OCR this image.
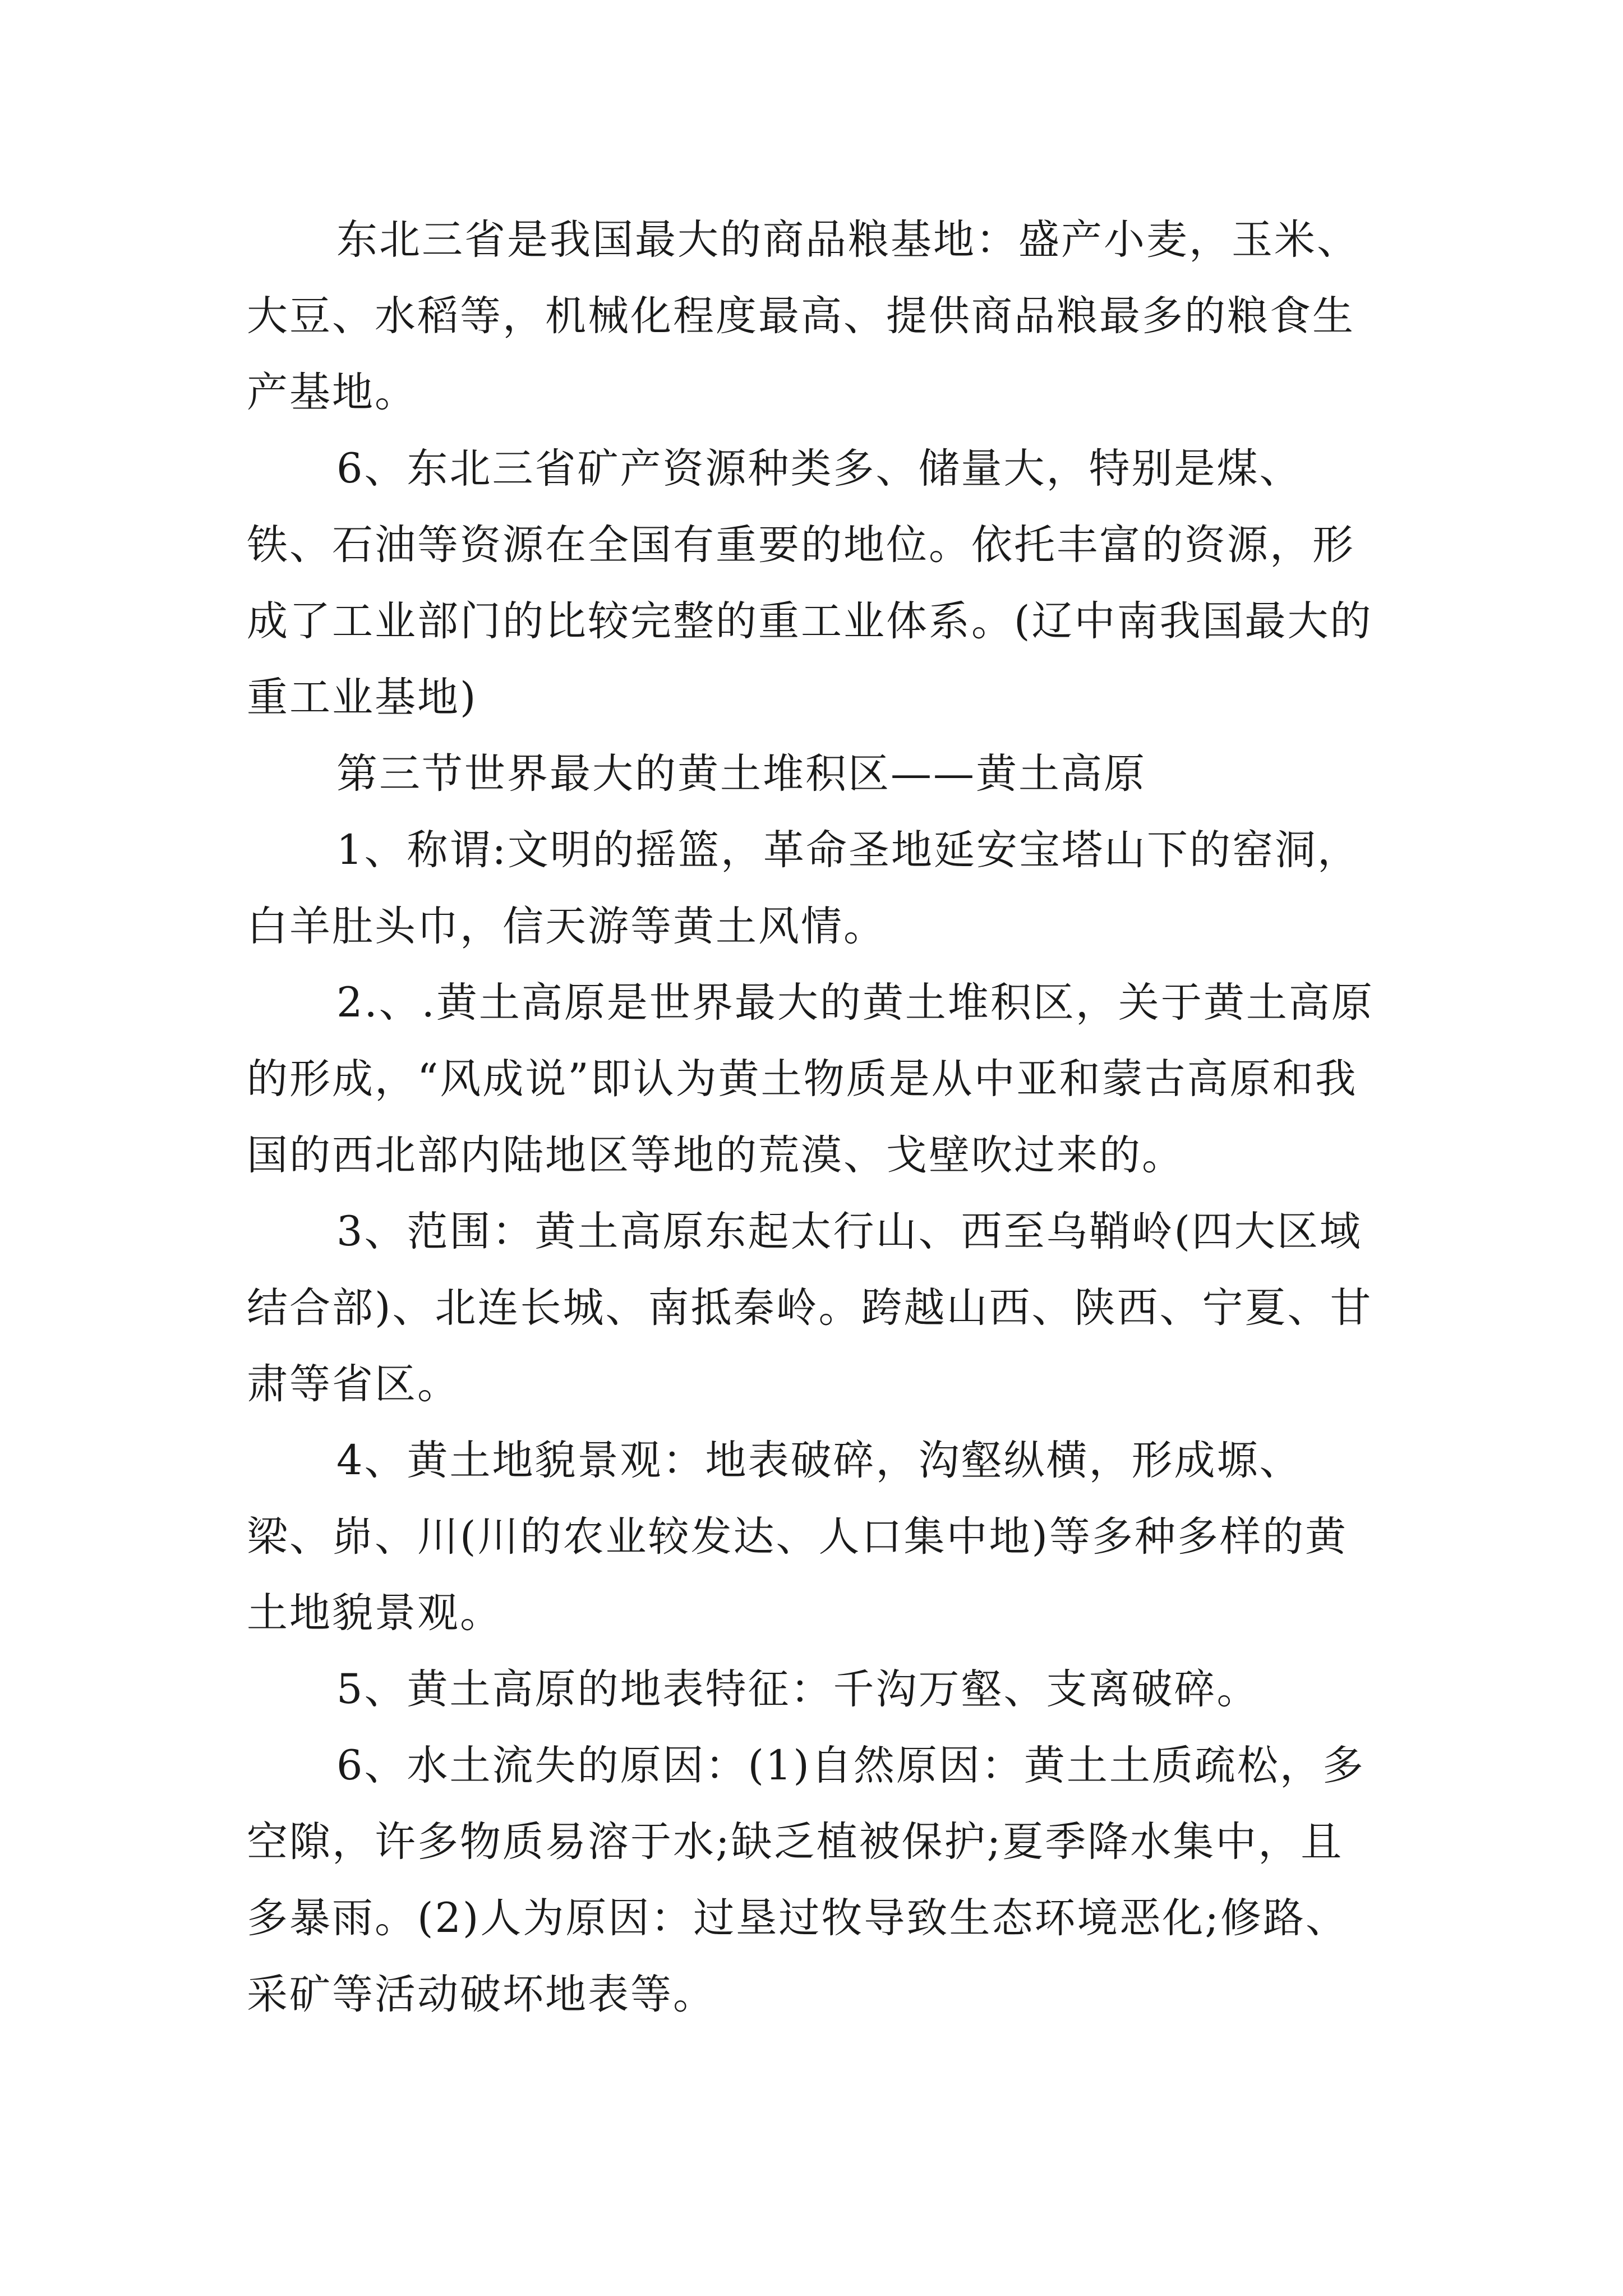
东北三省是我国最大的商品粮基地：盛产小麦，玉米、大豆、水稻等，机械化程度最高、提供商品粮最多的粮食生产基地。

6、东北三省矿产资源种类多、储量大，特别是煤、铁、石油等资源在全国有重要的地位。依托丰富的资源，形成了工业部门的比较完整的重工业体系。(辽中南我国最大的重工业基地)

第三节世界最大的黄土堆积区——黄土高原

1、称谓:文明的摇篮，革命圣地延安宝塔山下的窑洞，白羊肚头巾，信天游等黄土风情。

2.、.黄土高原是世界最大的黄土堆积区，关于黄土高原的形成，“风成说”即认为黄土物质是从中亚和蒙古高原和我国的西北部内陆地区等地的荒漠、戈壁吹过来的。

3、范围：黄土高原东起太行山、西至乌鞘岭(四大区域结合部)、北连长城、南抵秦岭。跨越山西、陕西、宁夏、甘肃等省区。

4、黄土地貌景观：地表破碎，沟壑纵横，形成塬、梁、峁、川(川的农业较发达、人口集中地)等多种多样的黄土地貌景观。

5、黄土高原的地表特征：千沟万壑、支离破碎。

6、水土流失的原因：(1)自然原因：黄土土质疏松，多空隙，许多物质易溶于水;缺乏植被保护;夏季降水集中，且多暴雨。(2)人为原因：过垦过牧导致生态环境恶化;修路、采矿等活动破坏地表等。
